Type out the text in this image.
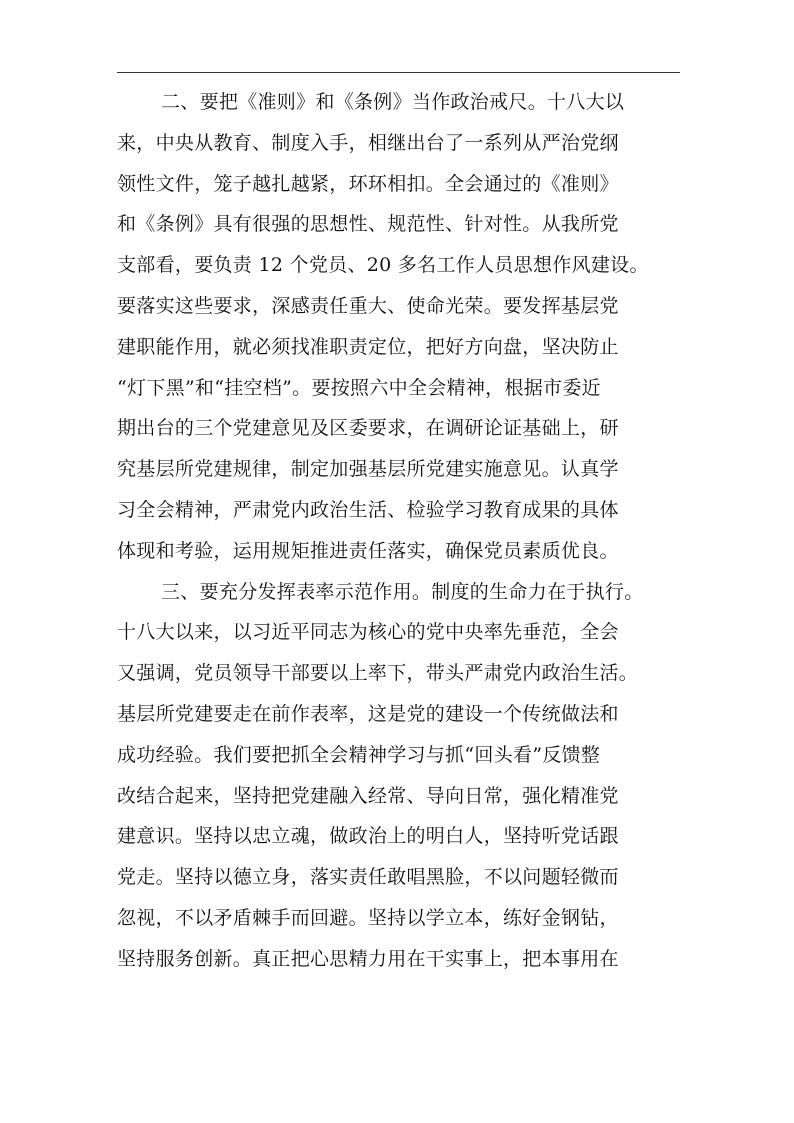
二、要把《准则》和《条例》当作政治戒尺。十八大以
来，中央从教育、制度入手，相继出台了一系列从严治党纲
领性文件，笼子越扎越紧，环环相扣。全会通过的《准则》
和《条例》具有很强的思想性、规范性、针对性。从我所党
支部看，要负责 12 个党员、20 多名工作人员思想作风建设。
要落实这些要求，深感责任重大、使命光荣。要发挥基层党
建职能作用，就必须找准职责定位，把好方向盘，坚决防止
“灯下黑”和“挂空档”。要按照六中全会精神，根据市委近
期出台的三个党建意见及区委要求，在调研论证基础上，研
究基层所党建规律，制定加强基层所党建实施意见。认真学
习全会精神，严肃党内政治生活、检验学习教育成果的具体
体现和考验，运用规矩推进责任落实，确保党员素质优良。
三、要充分发挥表率示范作用。制度的生命力在于执行。
十八大以来，以习近平同志为核心的党中央率先垂范，全会
又强调，党员领导干部要以上率下，带头严肃党内政治生活。
基层所党建要走在前作表率，这是党的建设一个传统做法和
成功经验。我们要把抓全会精神学习与抓“回头看”反馈整
改结合起来，坚持把党建融入经常、导向日常，强化精准党
建意识。坚持以忠立魂，做政治上的明白人，坚持听党话跟
党走。坚持以德立身，落实责任敢唱黑脸，不以问题轻微而
忽视，不以矛盾棘手而回避。坚持以学立本，练好金钢钻，
坚持服务创新。真正把心思精力用在干实事上，把本事用在
